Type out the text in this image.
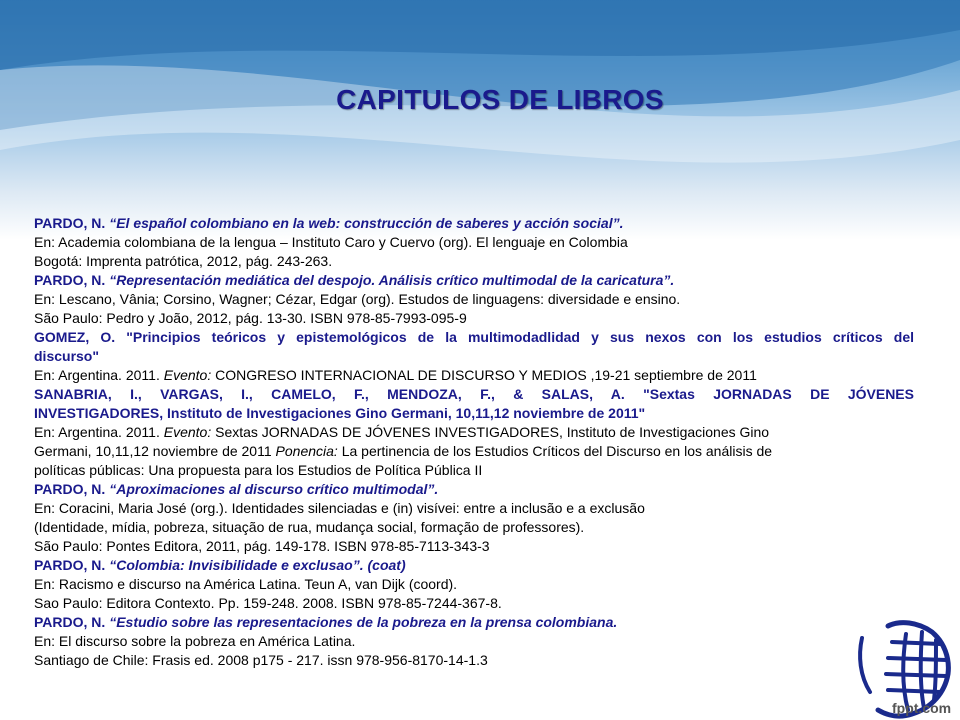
CAPITULOS DE LIBROS
PARDO, N. “El español colombiano en la web: construcción de saberes y acción social”.
En: Academia colombiana de la lengua – Instituto Caro y Cuervo (org). El lenguaje en Colombia
Bogotá: Imprenta patrótica, 2012, pág. 243-263.
PARDO, N. “Representación mediática del despojo. Análisis crítico multimodal de la caricatura”.
En: Lescano, Vânia; Corsino, Wagner; Cézar, Edgar (org). Estudos de linguagens: diversidade e ensino.
São Paulo: Pedro y João, 2012, pág. 13-30. ISBN 978-85-7993-095-9
GOMEZ, O. "Principios teóricos y epistemológicos de la multimodadlidad y sus nexos con los estudios críticos del
discurso"
En: Argentina. 2011. Evento: CONGRESO INTERNACIONAL DE DISCURSO Y MEDIOS ,19-21 septiembre de 2011
SANABRIA, I., VARGAS, I., CAMELO, F., MENDOZA, F., & SALAS, A. "Sextas JORNADAS DE JÓVENES
INVESTIGADORES, Instituto de Investigaciones Gino Germani, 10,11,12 noviembre de 2011"
En: Argentina. 2011. Evento: Sextas JORNADAS DE JÓVENES INVESTIGADORES, Instituto de Investigaciones Gino
Germani, 10,11,12 noviembre de 2011 Ponencia: La pertinencia de los Estudios Críticos del Discurso en los análisis de
políticas públicas: Una propuesta para los Estudios de Política Pública II
PARDO, N. “Aproximaciones al discurso crítico multimodal”.
En: Coracini, Maria José (org.). Identidades silenciadas e (in) visívei: entre a inclusão e a exclusão
(Identidade, mídia, pobreza, situação de rua, mudança social, formação de professores).
São Paulo: Pontes Editora, 2011, pág. 149-178. ISBN 978-85-7113-343-3
PARDO, N. “Colombia: Invisibilidade e exclusao”. (coat)
En: Racismo e discurso na América Latina. Teun A, van Dijk (coord).
Sao Paulo: Editora Contexto. Pp. 159-248. 2008. ISBN 978-85-7244-367-8.
PARDO, N. “Estudio sobre las representaciones de la pobreza en la prensa colombiana.
En: El discurso sobre la pobreza en América Latina.
Santiago de Chile: Frasis ed. 2008 p175 - 217. issn 978-956-8170-14-1.3
fppt.com
